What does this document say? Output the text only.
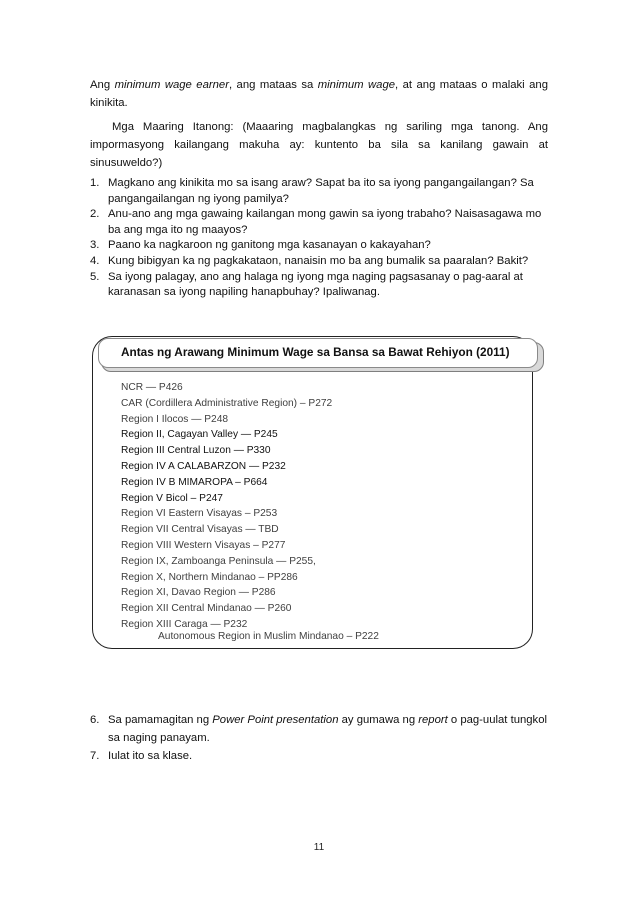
Ang minimum wage earner, ang mataas sa minimum wage, at ang mataas o malaki ang kinikita.

Mga Maaring Itanong: (Maaaring magbalangkas ng sariling mga tanong. Ang impormasyong kailangang makuha ay: kuntento ba sila sa kanilang gawain at sinusuweldo?)

1. Magkano ang kinikita mo sa isang araw? Sapat ba ito sa iyong pangangailangan? Sa pangangailangan ng iyong pamilya?
2. Anu-ano ang mga gawaing kailangan mong gawin sa iyong trabaho? Naisasagawa mo ba ang mga ito ng maayos?
3. Paano ka nagkaroon ng ganitong mga kasanayan o kakayahan?
4. Kung bibigyan ka ng pagkakataon, nanaisin mo ba ang bumalik sa paaralan? Bakit?
5. Sa iyong palagay, ano ang halaga ng iyong mga naging pagsasanay o pag-aaral at karanasan sa iyong napiling hanapbuhay? Ipaliwanag.
Antas ng Arawang Minimum Wage sa Bansa sa Bawat Rehiyon (2011)
NCR — P426
CAR (Cordillera Administrative Region) – P272
Region I Ilocos — P248
Region II, Cagayan Valley — P245
Region III Central Luzon — P330
Region IV A CALABARZON — P232
Region IV B MIMAROPA – P664
Region V Bicol – P247
Region VI Eastern Visayas – P253
Region VII Central Visayas — TBD
Region VIII Western Visayas – P277
Region IX, Zamboanga Peninsula — P255,
Region X, Northern Mindanao – PP286
Region XI, Davao Region — P286
Region XII Central Mindanao — P260
Region XIII Caraga — P232
Autonomous Region in Muslim Mindanao – P222
6. Sa pamamagitan ng Power Point presentation ay gumawa ng report o pag-uulat tungkol sa naging panayam.
7. Iulat ito sa klase.
11
